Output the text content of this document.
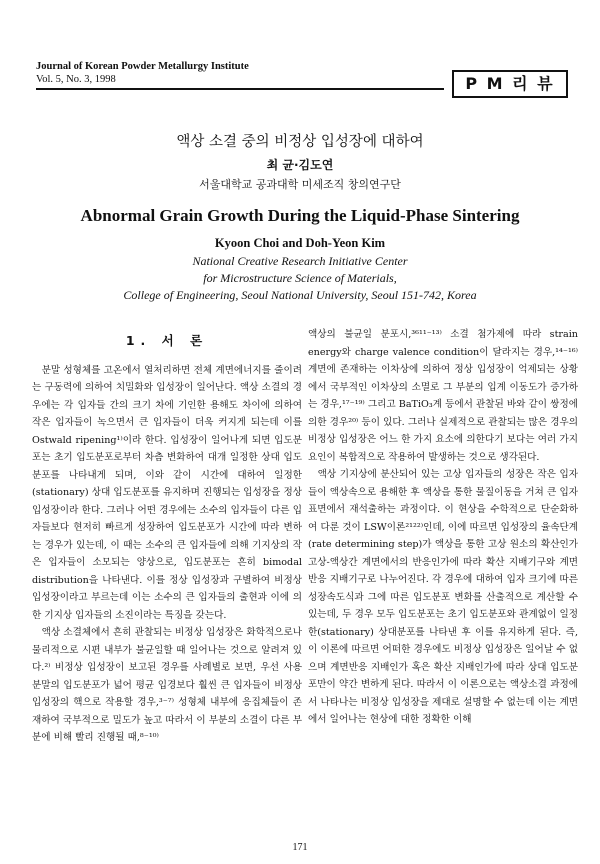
Journal of Korean Powder Metallurgy Institute
Vol. 5, No. 3, 1998	P M 리 뷰
액상 소결 중의 비정상 입성장에 대하여
최 균·김도연
서울대학교 공과대학 미세조직 창의연구단
Abnormal Grain Growth During the Liquid-Phase Sintering
Kyoon Choi and Doh-Yeon Kim
National Creative Research Initiative Center
for Microstructure Science of Materials,
College of Engineering, Seoul National University, Seoul 151-742, Korea

1. 서 론

분말 성형체를 고온에서 열처리하면 전체 계면에너지를 줄이려는 구동력에 의하여 치밀화와 입성장이 일어난다. 액상 소결의 경우에는 각 입자들 간의 크기 차에 기인한 용해도 차이에 의하여 작은 입자들이 녹으면서 큰 입자들이 더욱 커지게 되는데 이를 Ostwald ripening¹⁾이라 한다. 입성장이 일어나게 되면 입도분포는 초기 입도분포로부터 차츰 변화하여 대개 일정한 상대 입도분포를 나타내게 되며, 이와 같이 시간에 대하여 일정한(stationary) 상대 입도분포를 유지하며 진행되는 입성장을 정상 입성장이라 한다. 그러나 어떤 경우에는 소수의 입자들이 다른 입자들보다 현저히 빠르게 성장하여 입도분포가 시간에 따라 변하는 경우가 있는데, 이 때는 소수의 큰 입자들에 의해 기지상의 작은 입자들이 소모되는 양상으로, 입도분포는 흔히 bimodal distribution을 나타낸다. 이를 정상 입성장과 구별하여 비정상 입성장이라고 부르는데 이는 소수의 큰 입자들의 출현과 이에 의한 기지상 입자들의 소진이라는 특징을 갖는다.

액상 소결체에서 흔히 관찰되는 비정상 입성장은 화학적으로나 물리적으로 시편 내부가 불균일할 때 일어나는 것으로 알려져 있다.²⁾ 비정상 입성장이 보고된 경우를 사례별로 보면, 우선 사용 분말의 입도분포가 넓어 평균 입경보다 훨씬 큰 입자들이 비정상 입성장의 핵으로 작용할 경우,³⁻⁷⁾ 성형체 내부에 응집체들이 존재하여 국부적으로 밀도가 높고 따라서 이 부분의 소결이 다른 부분에 비해 빨리 진행될 때,⁸⁻¹⁰⁾

액상의 불균일 분포시,³⁶¹¹⁻¹³⁾ 소결 첨가제에 따라 strain energy와 charge valence condition이 달라지는 경우,¹⁴⁻¹⁶⁾ 계면에 존재하는 이차상에 의하여 정상 입성장이 억제되는 상황에서 국부적인 이차상의 소멸로 그 부분의 입계 이동도가 증가하는 경우,¹⁷⁻¹⁹⁾ 그리고 BaTiO₃계 등에서 관찰된 바와 같이 쌍정에 의한 경우²⁰⁾ 등이 있다. 그러나 실제적으로 관찰되는 많은 경우의 비정상 입성장은 어느 한 가지 요소에 의한다기 보다는 여러 가지 요인이 복합적으로 작용하여 발생하는 것으로 생각된다.

액상 기지상에 분산되어 있는 고상 입자들의 성장은 작은 입자들이 액상속으로 용해한 후 액상을 통한 물질이동을 거쳐 큰 입자 표면에서 재석출하는 과정이다. 이 현상을 수학적으로 단순화하여 다룬 것이 LSW이론²¹²²⁾인데, 이에 따르면 입성장의 율속단계(rate determining step)가 액상을 통한 고상 원소의 확산인가 고상-액상간 계면에서의 반응인가에 따라 확산 지배기구와 계면반응 지배기구로 나누어진다. 각 경우에 대하여 입자 크기에 따른 성장속도식과 그에 따른 입도분포 변화를 산출적으로 계산할 수 있는데, 두 경우 모두 입도분포는 초기 입도분포와 관계없이 일정한(stationary) 상대분포를 나타낸 후 이를 유지하게 된다. 즉, 이 이론에 따르면 어떠한 경우에도 비정상 입성장은 일어날 수 없으며 계면반응 지배인가 혹은 확산 지배인가에 따라 상대 입도분포만이 약간 변하게 된다. 따라서 이 이론으로는 액상소결 과정에서 나타나는 비정상 입성장을 제대로 설명할 수 없는데 이는 계면에서 일어나는 현상에 대한 정확한 이해

171
